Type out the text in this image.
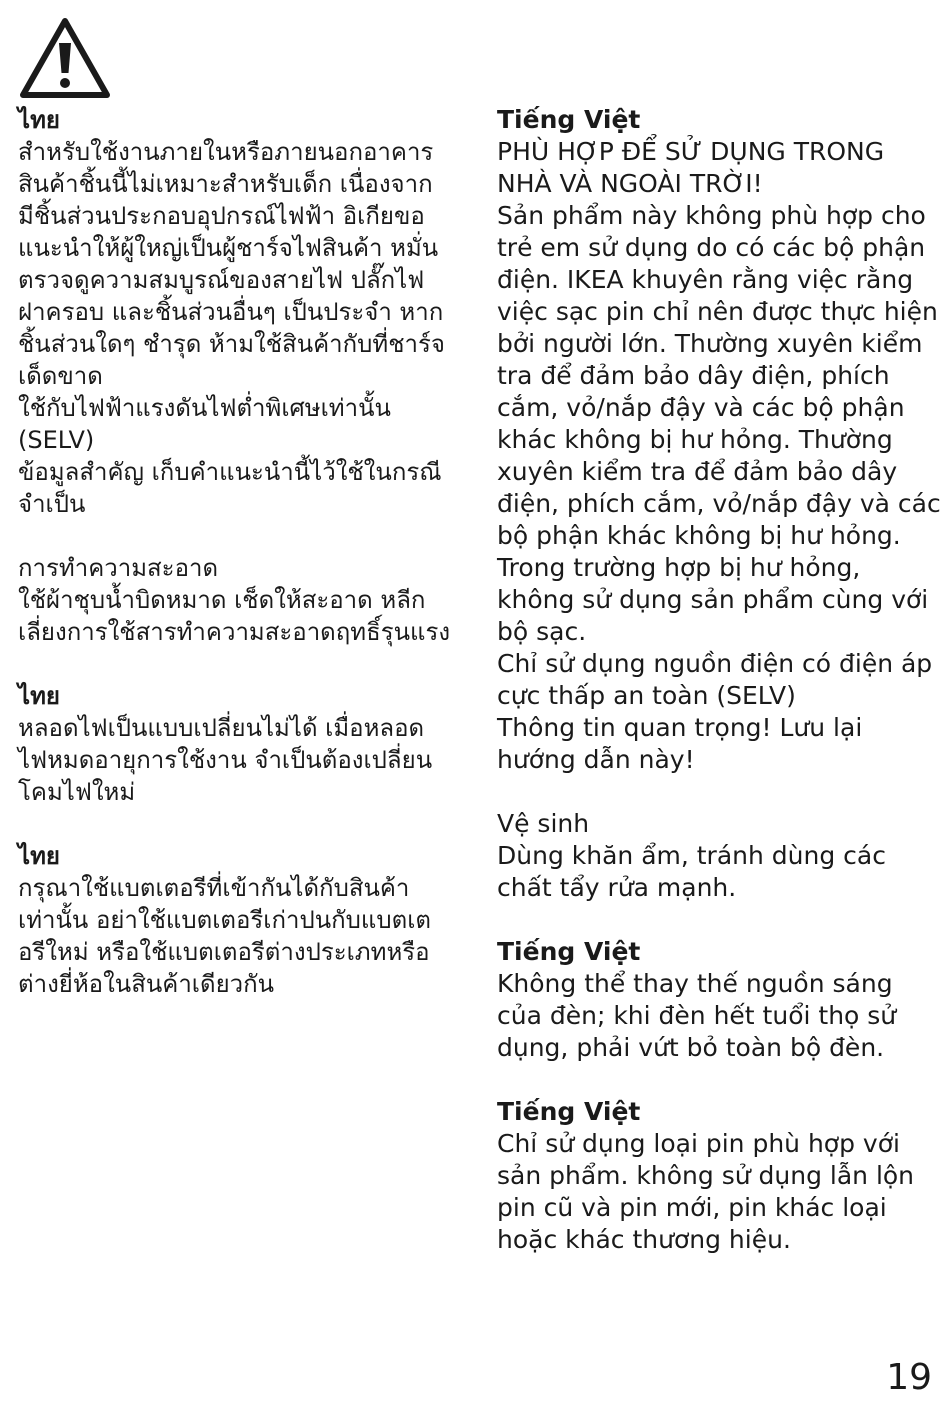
ไทย
สำหรับใช้งานภายในหรือภายนอกอาคาร
สินค้าชิ้นนี้ไม่เหมาะสำหรับเด็ก เนื่องจาก
มีชิ้นส่วนประกอบอุปกรณ์ไฟฟ้า อิเกียขอ
แนะนำให้ผู้ใหญ่เป็นผู้ชาร์จไฟสินค้า หมั่น
ตรวจดูความสมบูรณ์ของสายไฟ ปลั๊กไฟ
ฝาครอบ และชิ้นส่วนอื่นๆ เป็นประจำ หาก
ชิ้นส่วนใดๆ ชำรุด ห้ามใช้สินค้ากับที่ชาร์จ
เด็ดขาด
ใช้กับไฟฟ้าแรงดันไฟต่ำพิเศษเท่านั้น
(SELV)
ข้อมูลสำคัญ เก็บคำแนะนำนี้ไว้ใช้ในกรณี
จำเป็น
การทำความสะอาด
ใช้ผ้าชุบน้ำบิดหมาด เช็ดให้สะอาด หลีก
เลี่ยงการใช้สารทำความสะอาดฤทธิ์รุนแรง
ไทย
หลอดไฟเป็นแบบเปลี่ยนไม่ได้ เมื่อหลอด
ไฟหมดอายุการใช้งาน จำเป็นต้องเปลี่ยน
โคมไฟใหม่
ไทย
กรุณาใช้แบตเตอรีที่เข้ากันได้กับสินค้า
เท่านั้น อย่าใช้แบตเตอรีเก่าปนกับแบตเต
อรีใหม่ หรือใช้แบตเตอรีต่างประเภทหรือ
ต่างยี่ห้อในสินค้าเดียวกัน
Tiếng Việt
PHÙ HỢP ĐỂ SỬ DỤNG TRONG
NHÀ VÀ NGOÀI TRỜI!
Sản phẩm này không phù hợp cho
trẻ em sử dụng do có các bộ phận
điện. IKEA khuyên rằng việc rằng
việc sạc pin chỉ nên được thực hiện
bởi người lớn. Thường xuyên kiểm
tra để đảm bảo dây điện, phích
cắm, vỏ/nắp đậy và các bộ phận
khác không bị hư hỏng. Thường
xuyên kiểm tra để đảm bảo dây
điện, phích cắm, vỏ/nắp đậy và các
bộ phận khác không bị hư hỏng.
Trong trường hợp bị hư hỏng,
không sử dụng sản phẩm cùng với
bộ sạc.
Chỉ sử dụng nguồn điện có điện áp
cực thấp an toàn (SELV)
Thông tin quan trọng! Lưu lại
hướng dẫn này!
Vệ sinh
Dùng khăn ẩm, tránh dùng các
chất tẩy rửa mạnh.
Tiếng Việt
Không thể thay thế nguồn sáng
của đèn; khi đèn hết tuổi thọ sử
dụng, phải vứt bỏ toàn bộ đèn.
Tiếng Việt
Chỉ sử dụng loại pin phù hợp với
sản phẩm. không sử dụng lẫn lộn
pin cũ và pin mới, pin khác loại
hoặc khác thương hiệu.
19
